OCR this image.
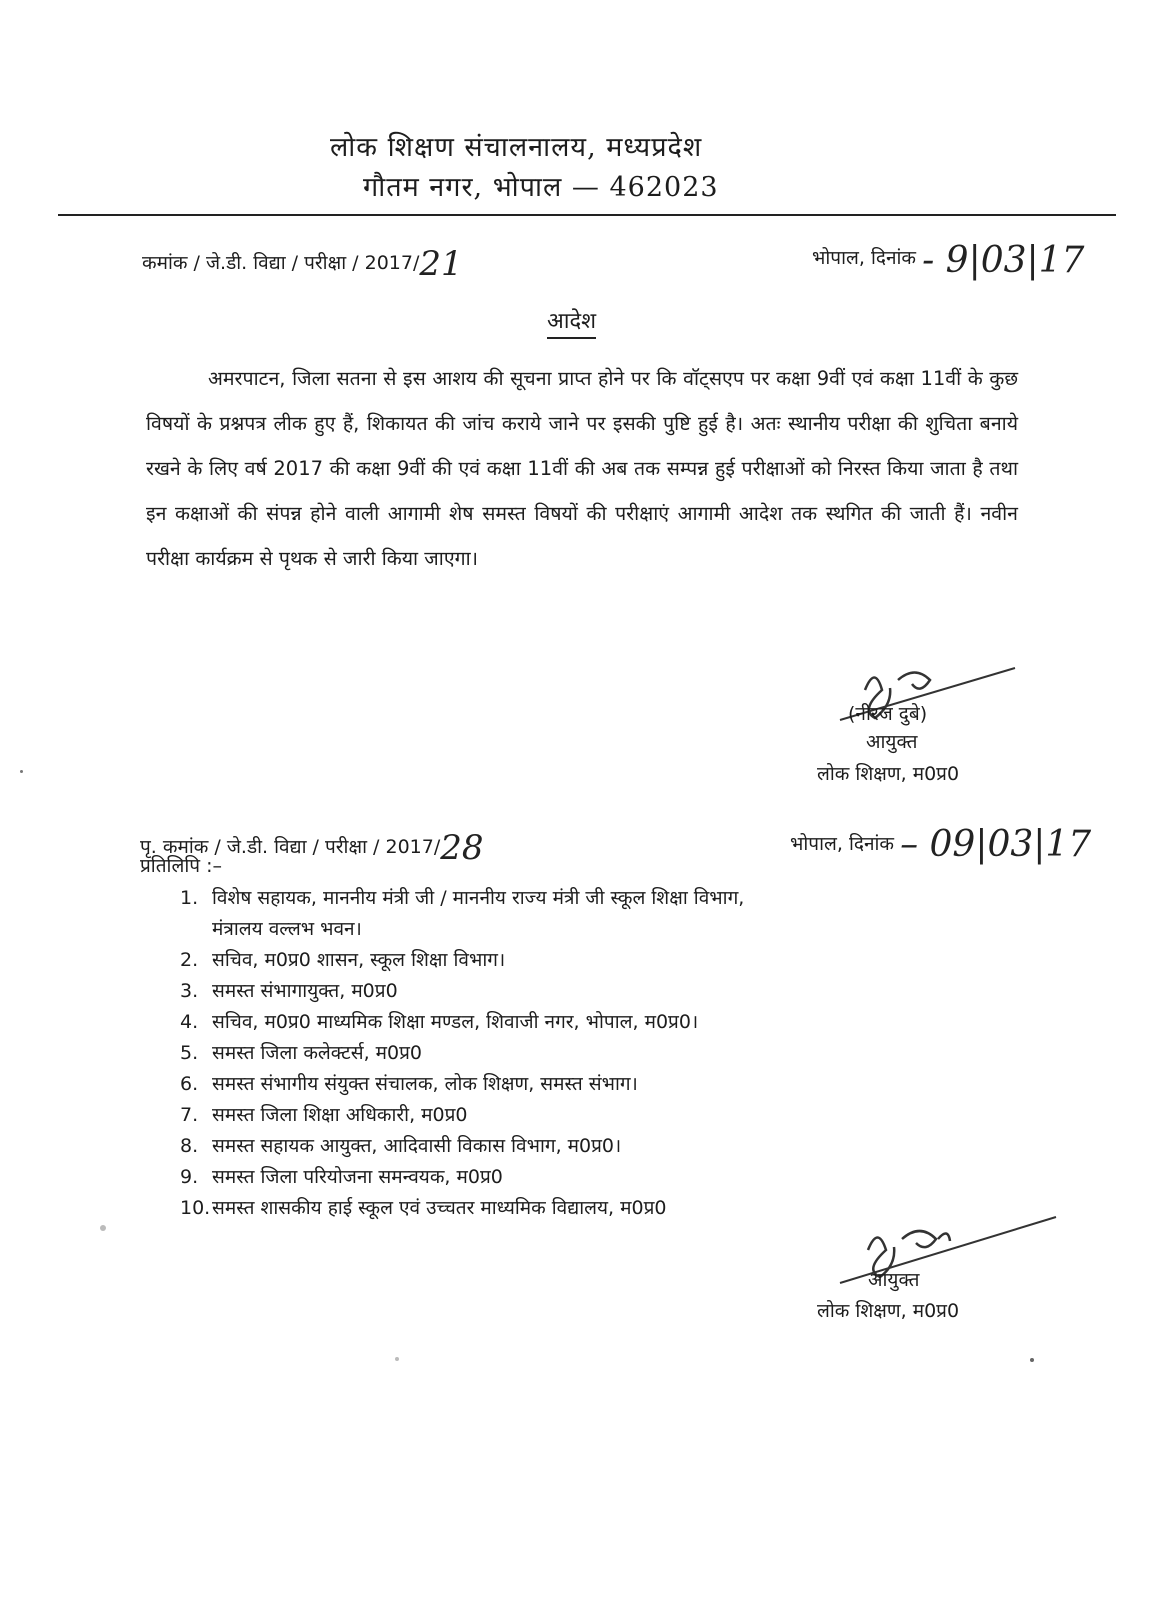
लोक शिक्षण संचालनालय, मध्यप्रदेश
गौतम नगर, भोपाल — 462023
कमांक / जे.डी. विद्या / परीक्षा / 2017/21	भोपाल, दिनांक - 9|03|17
आदेश

अमरपाटन, जिला सतना से इस आशय की सूचना प्राप्त होने पर कि वॉट्सएप पर कक्षा 9वीं एवं कक्षा 11वीं के कुछ विषयों के प्रश्नपत्र लीक हुए हैं, शिकायत की जांच कराये जाने पर इसकी पुष्टि हुई है। अतः स्थानीय परीक्षा की शुचिता बनाये रखने के लिए वर्ष 2017 की कक्षा 9वीं की एवं कक्षा 11वीं की अब तक सम्पन्न हुई परीक्षाओं को निरस्त किया जाता है तथा इन कक्षाओं की संपन्न होने वाली आगामी शेष समस्त विषयों की परीक्षाएं आगामी आदेश तक स्थगित की जाती हैं। नवीन परीक्षा कार्यक्रम से पृथक से जारी किया जाएगा।

(नीरज दुबे)
आयुक्त
लोक शिक्षण, म0प्र0
पृ. कमांक / जे.डी. विद्या / परीक्षा / 2017/28	भोपाल, दिनांक – 09|03|17
प्रतिलिपि :–
1. विशेष सहायक, माननीय मंत्री जी / माननीय राज्य मंत्री जी स्कूल शिक्षा विभाग,
मंत्रालय वल्लभ भवन।
2. सचिव, म0प्र0 शासन, स्कूल शिक्षा विभाग।
3. समस्त संभागायुक्त, म0प्र0
4. सचिव, म0प्र0 माध्यमिक शिक्षा मण्डल, शिवाजी नगर, भोपाल, म0प्र0।
5. समस्त जिला कलेक्टर्स, म0प्र0
6. समस्त संभागीय संयुक्त संचालक, लोक शिक्षण, समस्त संभाग।
7. समस्त जिला शिक्षा अधिकारी, म0प्र0
8. समस्त सहायक आयुक्त, आदिवासी विकास विभाग, म0प्र0।
9. समस्त जिला परियोजना समन्वयक, म0प्र0
10.समस्त शासकीय हाई स्कूल एवं उच्चतर माध्यमिक विद्यालय, म0प्र0
आयुक्त
लोक शिक्षण, म0प्र0
